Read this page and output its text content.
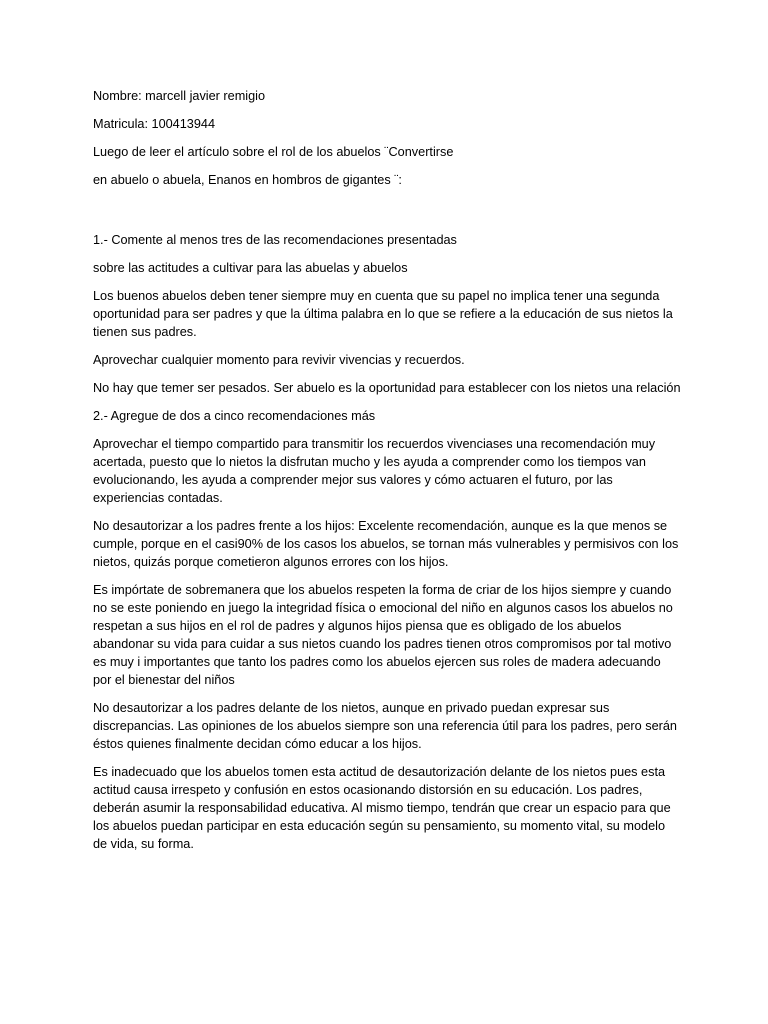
Nombre: marcell javier remigio

Matricula: 100413944

Luego de leer el artículo sobre el rol de los abuelos ¨Convertirse

en abuelo o abuela, Enanos en hombros de gigantes ¨:

1.- Comente al menos tres de las recomendaciones presentadas

sobre las actitudes a cultivar para las abuelas y abuelos

Los buenos abuelos deben tener siempre muy en cuenta que su papel no implica tener una segunda oportunidad para ser padres y que la última palabra en lo que se refiere a la educación de sus nietos la tienen sus padres.

Aprovechar cualquier momento para revivir vivencias y recuerdos.

No hay que temer ser pesados. Ser abuelo es la oportunidad para establecer con los nietos una relación

2.- Agregue de dos a cinco recomendaciones más

Aprovechar el tiempo compartido para transmitir los recuerdos vivenciases una recomendación muy acertada, puesto que lo nietos la disfrutan mucho y les ayuda a comprender como los tiempos van evolucionando, les ayuda a comprender mejor sus valores y cómo actuaren el futuro, por las experiencias contadas.

No desautorizar a los padres frente a los hijos: Excelente recomendación, aunque es la que menos se cumple, porque en el casi90% de los casos los abuelos, se tornan más vulnerables y permisivos con los nietos, quizás porque cometieron algunos errores con los hijos.

Es impórtate de sobremanera que los abuelos respeten la forma de criar de los hijos siempre y cuando no se este poniendo en juego la integridad física o emocional del niño en algunos casos los abuelos no respetan a sus hijos en el rol de padres y algunos hijos piensa que es obligado de los abuelos abandonar su vida para cuidar a sus nietos cuando los padres tienen otros compromisos por tal motivo es muy i importantes que tanto los padres como los abuelos ejercen sus roles de madera adecuando por el bienestar del niños

No desautorizar a los padres delante de los nietos, aunque en privado puedan expresar sus discrepancias. Las opiniones de los abuelos siempre son una referencia útil para los padres, pero serán éstos quienes finalmente decidan cómo educar a los hijos.

Es inadecuado que los abuelos tomen esta actitud de desautorización delante de los nietos pues esta actitud causa irrespeto y confusión en estos ocasionando distorsión en su educación. Los padres, deberán asumir la responsabilidad educativa. Al mismo tiempo, tendrán que crear un espacio para que los abuelos puedan participar en esta educación según su pensamiento, su momento vital, su modelo de vida, su forma.
